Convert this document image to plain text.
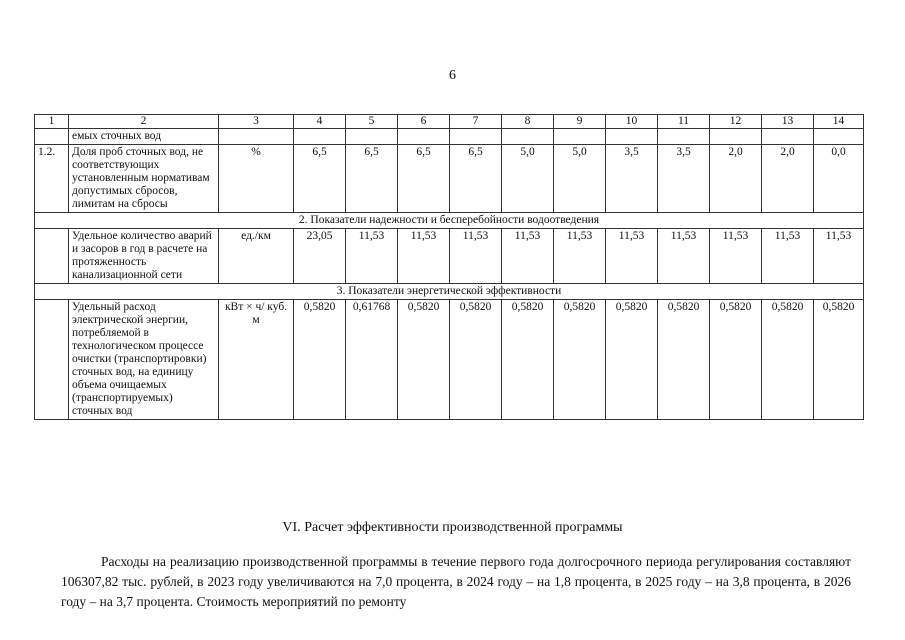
6
1	2	3	4	5	6	7	8	9	10	11	12	13	14
	емых сточных вод												
1.2.	Доля проб сточных вод, не соответствующих установленным нормативам допустимых сбросов, лимитам на сбросы	%	6,5	6,5	6,5	6,5	5,0	5,0	3,5	3,5	2,0	2,0	0,0
2. Показатели надежности и бесперебойности водоотведения													
	Удельное количество аварий и засоров в год в расчете на протяженность канализационной сети	ед./км	23,05	11,53	11,53	11,53	11,53	11,53	11,53	11,53	11,53	11,53	11,53
3. Показатели энергетической эффективности													
	Удельный расход электрической энергии, потребляемой в технологическом процессе очистки (транспортировки) сточных вод, на единицу объема очищаемых (транспортируемых) сточных вод	кВт × ч/ куб. м	0,5820	0,61768	0,5820	0,5820	0,5820	0,5820	0,5820	0,5820	0,5820	0,5820	0,5820
VI. Расчет эффективности производственной программы
Расходы на реализацию производственной программы в течение первого года долгосрочного периода регулирования составляют 106307,82 тыс. рублей, в 2023 году увеличиваются на 7,0 процента, в 2024 году – на 1,8 процента, в 2025 году – на 3,8 процента, в 2026 году – на 3,7 процента. Стоимость мероприятий по ремонту
